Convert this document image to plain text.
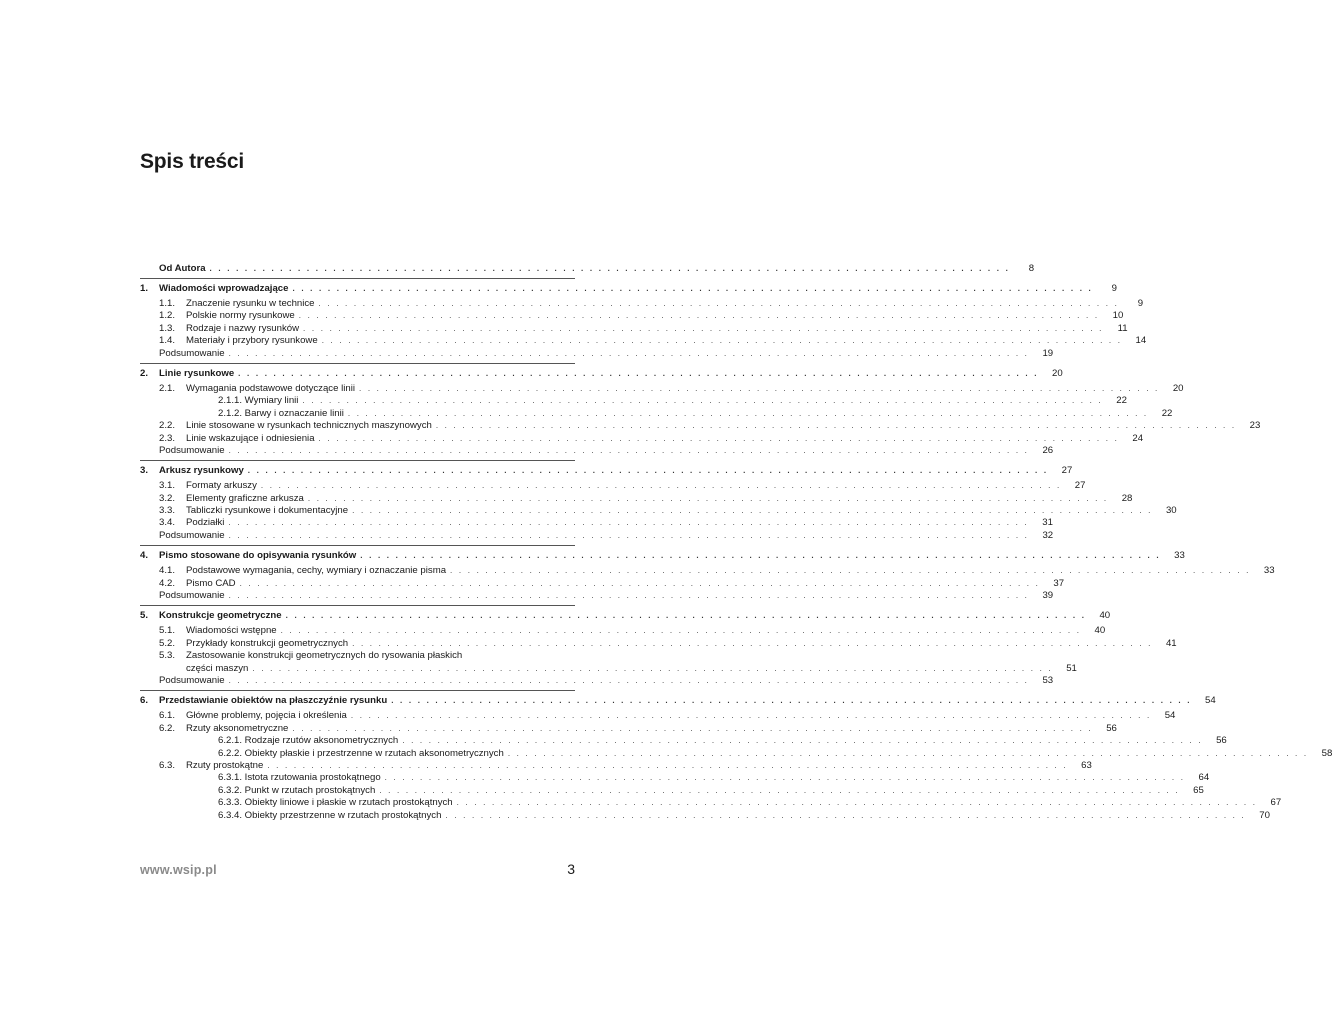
Spis treści
Od Autora . . . . . . . . . . . . . . . . . . . . . . . . . . . . . . . . . . . . . . . . . . . . . . . . . . . . . . . . . . . . . . . . . . . . . . . . . . . . . . . . . . . . . . . . . . .	8
1.	Wiadomości wprowadzające . . . . . . . . . . . . . . . . . . . . . . . . . . . . . . . . . . . . . . . . . . . . . . . . . . . . . . . . . . . . . . . . . . . . . . . . . . . . . . . . . . . . . . . . . . .	9
1.1.	Znaczenie rysunku w technice . . . . . . . . . . . . . . . . . . . . . . . . . . . . . . . . . . . . . . . . . . . . . . . . . . . . . . . . . . . . . . . . . . . . . . . . . . . . . . . . . . . . . . . . . . .	9
1.2.	Polskie normy rysunkowe . . . . . . . . . . . . . . . . . . . . . . . . . . . . . . . . . . . . . . . . . . . . . . . . . . . . . . . . . . . . . . . . . . . . . . . . . . . . . . . . . . . . . . . . . . .	10
1.3.	Rodzaje i nazwy rysunków . . . . . . . . . . . . . . . . . . . . . . . . . . . . . . . . . . . . . . . . . . . . . . . . . . . . . . . . . . . . . . . . . . . . . . . . . . . . . . . . . . . . . . . . . . .	11
1.4.	Materiały i przybory rysunkowe . . . . . . . . . . . . . . . . . . . . . . . . . . . . . . . . . . . . . . . . . . . . . . . . . . . . . . . . . . . . . . . . . . . . . . . . . . . . . . . . . . . . . . . . . . .	14
Podsumowanie . . . . . . . . . . . . . . . . . . . . . . . . . . . . . . . . . . . . . . . . . . . . . . . . . . . . . . . . . . . . . . . . . . . . . . . . . . . . . . . . . . . . . . . . . . .	19
2.	Linie rysunkowe . . . . . . . . . . . . . . . . . . . . . . . . . . . . . . . . . . . . . . . . . . . . . . . . . . . . . . . . . . . . . . . . . . . . . . . . . . . . . . . . . . . . . . . . . . .	20
2.1.	Wymagania podstawowe dotyczące linii . . . . . . . . . . . . . . . . . . . . . . . . . . . . . . . . . . . . . . . . . . . . . . . . . . . . . . . . . . . . . . . . . . . . . . . . . . . . . . . . . . . . . . . . . . .	20
2.1.1. Wymiary linii . . . . . . . . . . . . . . . . . . . . . . . . . . . . . . . . . . . . . . . . . . . . . . . . . . . . . . . . . . . . . . . . . . . . . . . . . . . . . . . . . . . . . . . . . . .	22
2.1.2. Barwy i oznaczanie linii . . . . . . . . . . . . . . . . . . . . . . . . . . . . . . . . . . . . . . . . . . . . . . . . . . . . . . . . . . . . . . . . . . . . . . . . . . . . . . . . . . . . . . . . . . .	22
2.2.	Linie stosowane w rysunkach technicznych maszynowych . . . . . . . . . . . . . . . . . . . . . . . . . . . . . . . . . . . . . . . . . . . . . . . . . . . . . . . . . . . . . . . . . . . . . . . . . . . . . . . . . . . . . . . . . . .	23
2.3.	Linie wskazujące i odniesienia . . . . . . . . . . . . . . . . . . . . . . . . . . . . . . . . . . . . . . . . . . . . . . . . . . . . . . . . . . . . . . . . . . . . . . . . . . . . . . . . . . . . . . . . . . .	24
Podsumowanie . . . . . . . . . . . . . . . . . . . . . . . . . . . . . . . . . . . . . . . . . . . . . . . . . . . . . . . . . . . . . . . . . . . . . . . . . . . . . . . . . . . . . . . . . . .	26
3.	Arkusz rysunkowy . . . . . . . . . . . . . . . . . . . . . . . . . . . . . . . . . . . . . . . . . . . . . . . . . . . . . . . . . . . . . . . . . . . . . . . . . . . . . . . . . . . . . . . . . . .	27
3.1.	Formaty arkuszy . . . . . . . . . . . . . . . . . . . . . . . . . . . . . . . . . . . . . . . . . . . . . . . . . . . . . . . . . . . . . . . . . . . . . . . . . . . . . . . . . . . . . . . . . . .	27
3.2.	Elementy graficzne arkusza . . . . . . . . . . . . . . . . . . . . . . . . . . . . . . . . . . . . . . . . . . . . . . . . . . . . . . . . . . . . . . . . . . . . . . . . . . . . . . . . . . . . . . . . . . .	28
3.3.	Tabliczki rysunkowe i dokumentacyjne . . . . . . . . . . . . . . . . . . . . . . . . . . . . . . . . . . . . . . . . . . . . . . . . . . . . . . . . . . . . . . . . . . . . . . . . . . . . . . . . . . . . . . . . . . .	30
3.4.	Podziałki . . . . . . . . . . . . . . . . . . . . . . . . . . . . . . . . . . . . . . . . . . . . . . . . . . . . . . . . . . . . . . . . . . . . . . . . . . . . . . . . . . . . . . . . . . .	31
Podsumowanie . . . . . . . . . . . . . . . . . . . . . . . . . . . . . . . . . . . . . . . . . . . . . . . . . . . . . . . . . . . . . . . . . . . . . . . . . . . . . . . . . . . . . . . . . . .	32
4.	Pismo stosowane do opisywania rysunków . . . . . . . . . . . . . . . . . . . . . . . . . . . . . . . . . . . . . . . . . . . . . . . . . . . . . . . . . . . . . . . . . . . . . . . . . . . . . . . . . . . . . . . . . . .	33
4.1.	Podstawowe wymagania, cechy, wymiary i oznaczanie pisma . . . . . . . . . . . . . . . . . . . . . . . . . . . . . . . . . . . . . . . . . . . . . . . . . . . . . . . . . . . . . . . . . . . . . . . . . . . . . . . . . . . . . . . . . . .	33
4.2.	Pismo CAD . . . . . . . . . . . . . . . . . . . . . . . . . . . . . . . . . . . . . . . . . . . . . . . . . . . . . . . . . . . . . . . . . . . . . . . . . . . . . . . . . . . . . . . . . . .	37
Podsumowanie . . . . . . . . . . . . . . . . . . . . . . . . . . . . . . . . . . . . . . . . . . . . . . . . . . . . . . . . . . . . . . . . . . . . . . . . . . . . . . . . . . . . . . . . . . .	39
5.	Konstrukcje geometryczne . . . . . . . . . . . . . . . . . . . . . . . . . . . . . . . . . . . . . . . . . . . . . . . . . . . . . . . . . . . . . . . . . . . . . . . . . . . . . . . . . . . . . . . . . . .	40
5.1.	Wiadomości wstępne . . . . . . . . . . . . . . . . . . . . . . . . . . . . . . . . . . . . . . . . . . . . . . . . . . . . . . . . . . . . . . . . . . . . . . . . . . . . . . . . . . . . . . . . . . .	40
5.2.	Przykłady konstrukcji geometrycznych . . . . . . . . . . . . . . . . . . . . . . . . . . . . . . . . . . . . . . . . . . . . . . . . . . . . . . . . . . . . . . . . . . . . . . . . . . . . . . . . . . . . . . . . . . .	41
5.3.	Zastosowanie konstrukcji geometrycznych do rysowania płaskich
części maszyn . . . . . . . . . . . . . . . . . . . . . . . . . . . . . . . . . . . . . . . . . . . . . . . . . . . . . . . . . . . . . . . . . . . . . . . . . . . . . . . . . . . . . . . . . . .	51
Podsumowanie . . . . . . . . . . . . . . . . . . . . . . . . . . . . . . . . . . . . . . . . . . . . . . . . . . . . . . . . . . . . . . . . . . . . . . . . . . . . . . . . . . . . . . . . . . .	53
6.	Przedstawianie obiektów na płaszczyźnie rysunku . . . . . . . . . . . . . . . . . . . . . . . . . . . . . . . . . . . . . . . . . . . . . . . . . . . . . . . . . . . . . . . . . . . . . . . . . . . . . . . . . . . . . . . . . . .	54
6.1.	Główne problemy, pojęcia i określenia . . . . . . . . . . . . . . . . . . . . . . . . . . . . . . . . . . . . . . . . . . . . . . . . . . . . . . . . . . . . . . . . . . . . . . . . . . . . . . . . . . . . . . . . . . .	54
6.2.	Rzuty aksonometryczne . . . . . . . . . . . . . . . . . . . . . . . . . . . . . . . . . . . . . . . . . . . . . . . . . . . . . . . . . . . . . . . . . . . . . . . . . . . . . . . . . . . . . . . . . . .	56
6.2.1. Rodzaje rzutów aksonometrycznych . . . . . . . . . . . . . . . . . . . . . . . . . . . . . . . . . . . . . . . . . . . . . . . . . . . . . . . . . . . . . . . . . . . . . . . . . . . . . . . . . . . . . . . . . . .	56
6.2.2. Obiekty płaskie i przestrzenne w rzutach aksonometrycznych . . . . . . . . . . . . . . . . . . . . . . . . . . . . . . . . . . . . . . . . . . . . . . . . . . . . . . . . . . . . . . . . . . . . . . . . . . . . . . . . . . . . . . . . . . .	58
6.3.	Rzuty prostokątne . . . . . . . . . . . . . . . . . . . . . . . . . . . . . . . . . . . . . . . . . . . . . . . . . . . . . . . . . . . . . . . . . . . . . . . . . . . . . . . . . . . . . . . . . . .	63
6.3.1. Istota rzutowania prostokątnego . . . . . . . . . . . . . . . . . . . . . . . . . . . . . . . . . . . . . . . . . . . . . . . . . . . . . . . . . . . . . . . . . . . . . . . . . . . . . . . . . . . . . . . . . . .	64
6.3.2. Punkt w rzutach prostokątnych . . . . . . . . . . . . . . . . . . . . . . . . . . . . . . . . . . . . . . . . . . . . . . . . . . . . . . . . . . . . . . . . . . . . . . . . . . . . . . . . . . . . . . . . . . .	65
6.3.3. Obiekty liniowe i płaskie w rzutach prostokątnych . . . . . . . . . . . . . . . . . . . . . . . . . . . . . . . . . . . . . . . . . . . . . . . . . . . . . . . . . . . . . . . . . . . . . . . . . . . . . . . . . . . . . . . . . . .	67
6.3.4. Obiekty przestrzenne w rzutach prostokątnych . . . . . . . . . . . . . . . . . . . . . . . . . . . . . . . . . . . . . . . . . . . . . . . . . . . . . . . . . . . . . . . . . . . . . . . . . . . . . . . . . . . . . . . . . . .	70
www.wsip.pl	3
